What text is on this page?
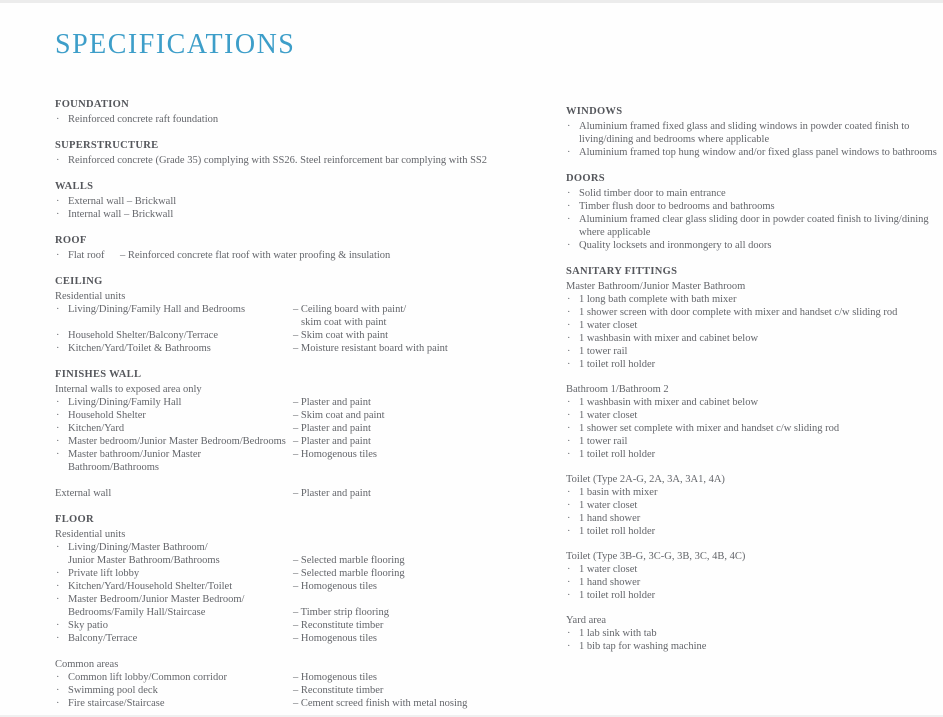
SPECIFICATIONS
FOUNDATION
· Reinforced concrete raft foundation
SUPERSTRUCTURE
· Reinforced concrete (Grade 35) complying with SS26. Steel reinforcement bar complying with SS2
WALLS
· External wall – Brickwall
· Internal wall – Brickwall
ROOF
· Flat roof	– Reinforced concrete flat roof with water proofing & insulation
CEILING
Residential units
· Living/Dining/Family Hall and Bedrooms	– Ceiling board with paint/
skim coat with paint
· Household Shelter/Balcony/Terrace	– Skim coat with paint
· Kitchen/Yard/Toilet & Bathrooms	– Moisture resistant board with paint
FINISHES WALL
Internal walls to exposed area only
· Living/Dining/Family Hall	– Plaster and paint
· Household Shelter	– Skim coat and paint
· Kitchen/Yard	– Plaster and paint
· Master bedroom/Junior Master Bedroom/Bedrooms – Plaster and paint
· Master bathroom/Junior Master Bathroom/Bathrooms
– Homogenous tiles
External wall	– Plaster and paint
FLOOR
Residential units
· Living/Dining/Master Bathroom/
Junior Master Bathroom/Bathrooms	– Selected marble flooring
· Private lift lobby	– Selected marble flooring
· Kitchen/Yard/Household Shelter/Toilet	– Homogenous tiles
· Master Bedroom/Junior Master Bedroom/
Bedrooms/Family Hall/Staircase	– Timber strip flooring
· Sky patio	– Reconstitute timber
· Balcony/Terrace	– Homogenous tiles
Common areas
· Common lift lobby/Common corridor	– Homogenous tiles
· Swimming pool deck	– Reconstitute timber
· Fire staircase/Staircase	– Cement screed finish with metal nosing
WINDOWS
· Aluminium framed fixed glass and sliding windows in powder coated finish to living/dining and bedrooms where applicable
· Aluminium framed top hung window and/or fixed glass panel windows to bathrooms
DOORS
· Solid timber door to main entrance
· Timber flush door to bedrooms and bathrooms
· Aluminium framed clear glass sliding door in powder coated finish to living/dining where applicable
· Quality locksets and ironmongery to all doors
SANITARY FITTINGS
Master Bathroom/Junior Master Bathroom
· 1 long bath complete with bath mixer
· 1 shower screen with door complete with mixer and handset c/w sliding rod
· 1 water closet
· 1 washbasin with mixer and cabinet below
· 1 tower rail
· 1 toilet roll holder
Bathroom 1/Bathroom 2
· 1 washbasin with mixer and cabinet below
· 1 water closet
· 1 shower set complete with mixer and handset c/w sliding rod
· 1 tower rail
· 1 toilet roll holder
Toilet (Type 2A-G, 2A, 3A, 3A1, 4A)
· 1 basin with mixer
· 1 water closet
· 1 hand shower
· 1 toilet roll holder
Toilet (Type 3B-G, 3C-G, 3B, 3C, 4B, 4C)
· 1 water closet
· 1 hand shower
· 1 toilet roll holder
Yard area
· 1 lab sink with tab
· 1 bib tap for washing machine
